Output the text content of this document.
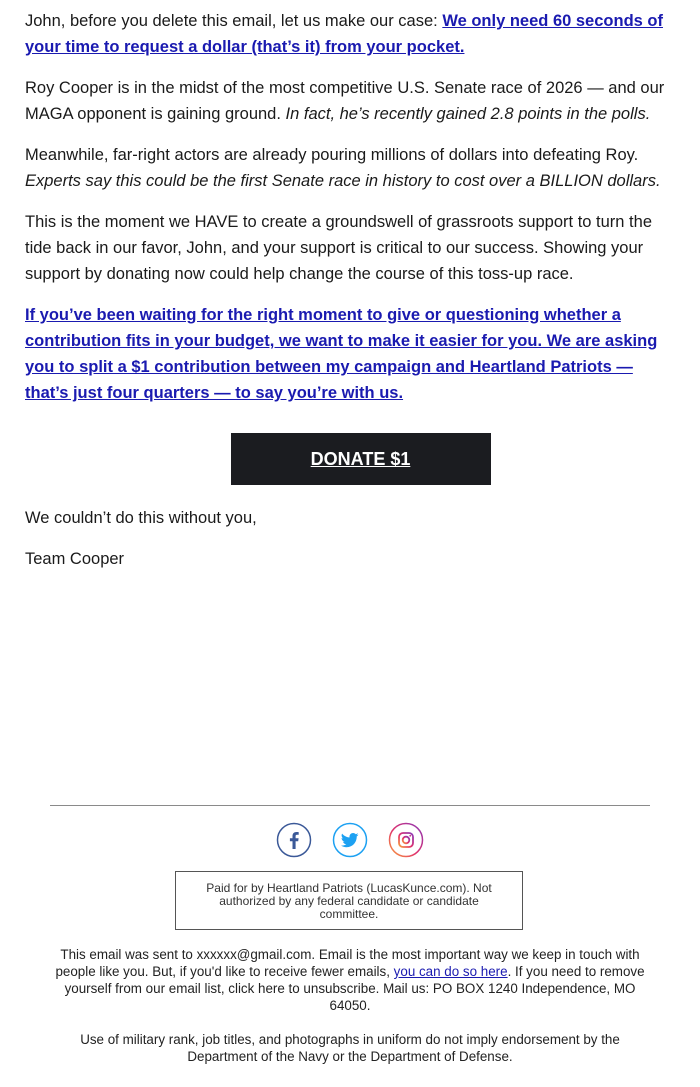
John, before you delete this email, let us make our case: We only need 60 seconds of your time to request a dollar (that’s it) from your pocket.

Roy Cooper is in the midst of the most competitive U.S. Senate race of 2026 — and our MAGA opponent is gaining ground. In fact, he’s recently gained 2.8 points in the polls.

Meanwhile, far-right actors are already pouring millions of dollars into defeating Roy. Experts say this could be the first Senate race in history to cost over a BILLION dollars.

This is the moment we HAVE to create a groundswell of grassroots support to turn the tide back in our favor, John, and your support is critical to our success. Showing your support by donating now could help change the course of this toss-up race.

If you’ve been waiting for the right moment to give or questioning whether a contribution fits in your budget, we want to make it easier for you. We are asking you to split a $1 contribution between my campaign and Heartland Patriots — that’s just four quarters — to say you’re with us.

DONATE $1

We couldn’t do this without you,

Team Cooper

Paid for by Heartland Patriots (LucasKunce.com). Not authorized by any federal candidate or candidate committee.

This email was sent to xxxxxx@gmail.com. Email is the most important way we keep in touch with people like you. But, if you'd like to receive fewer emails, you can do so here. If you need to remove yourself from our email list, click here to unsubscribe. Mail us: PO BOX 1240 Independence, MO 64050.

Use of military rank, job titles, and photographs in uniform do not imply endorsement by the Department of the Navy or the Department of Defense.
